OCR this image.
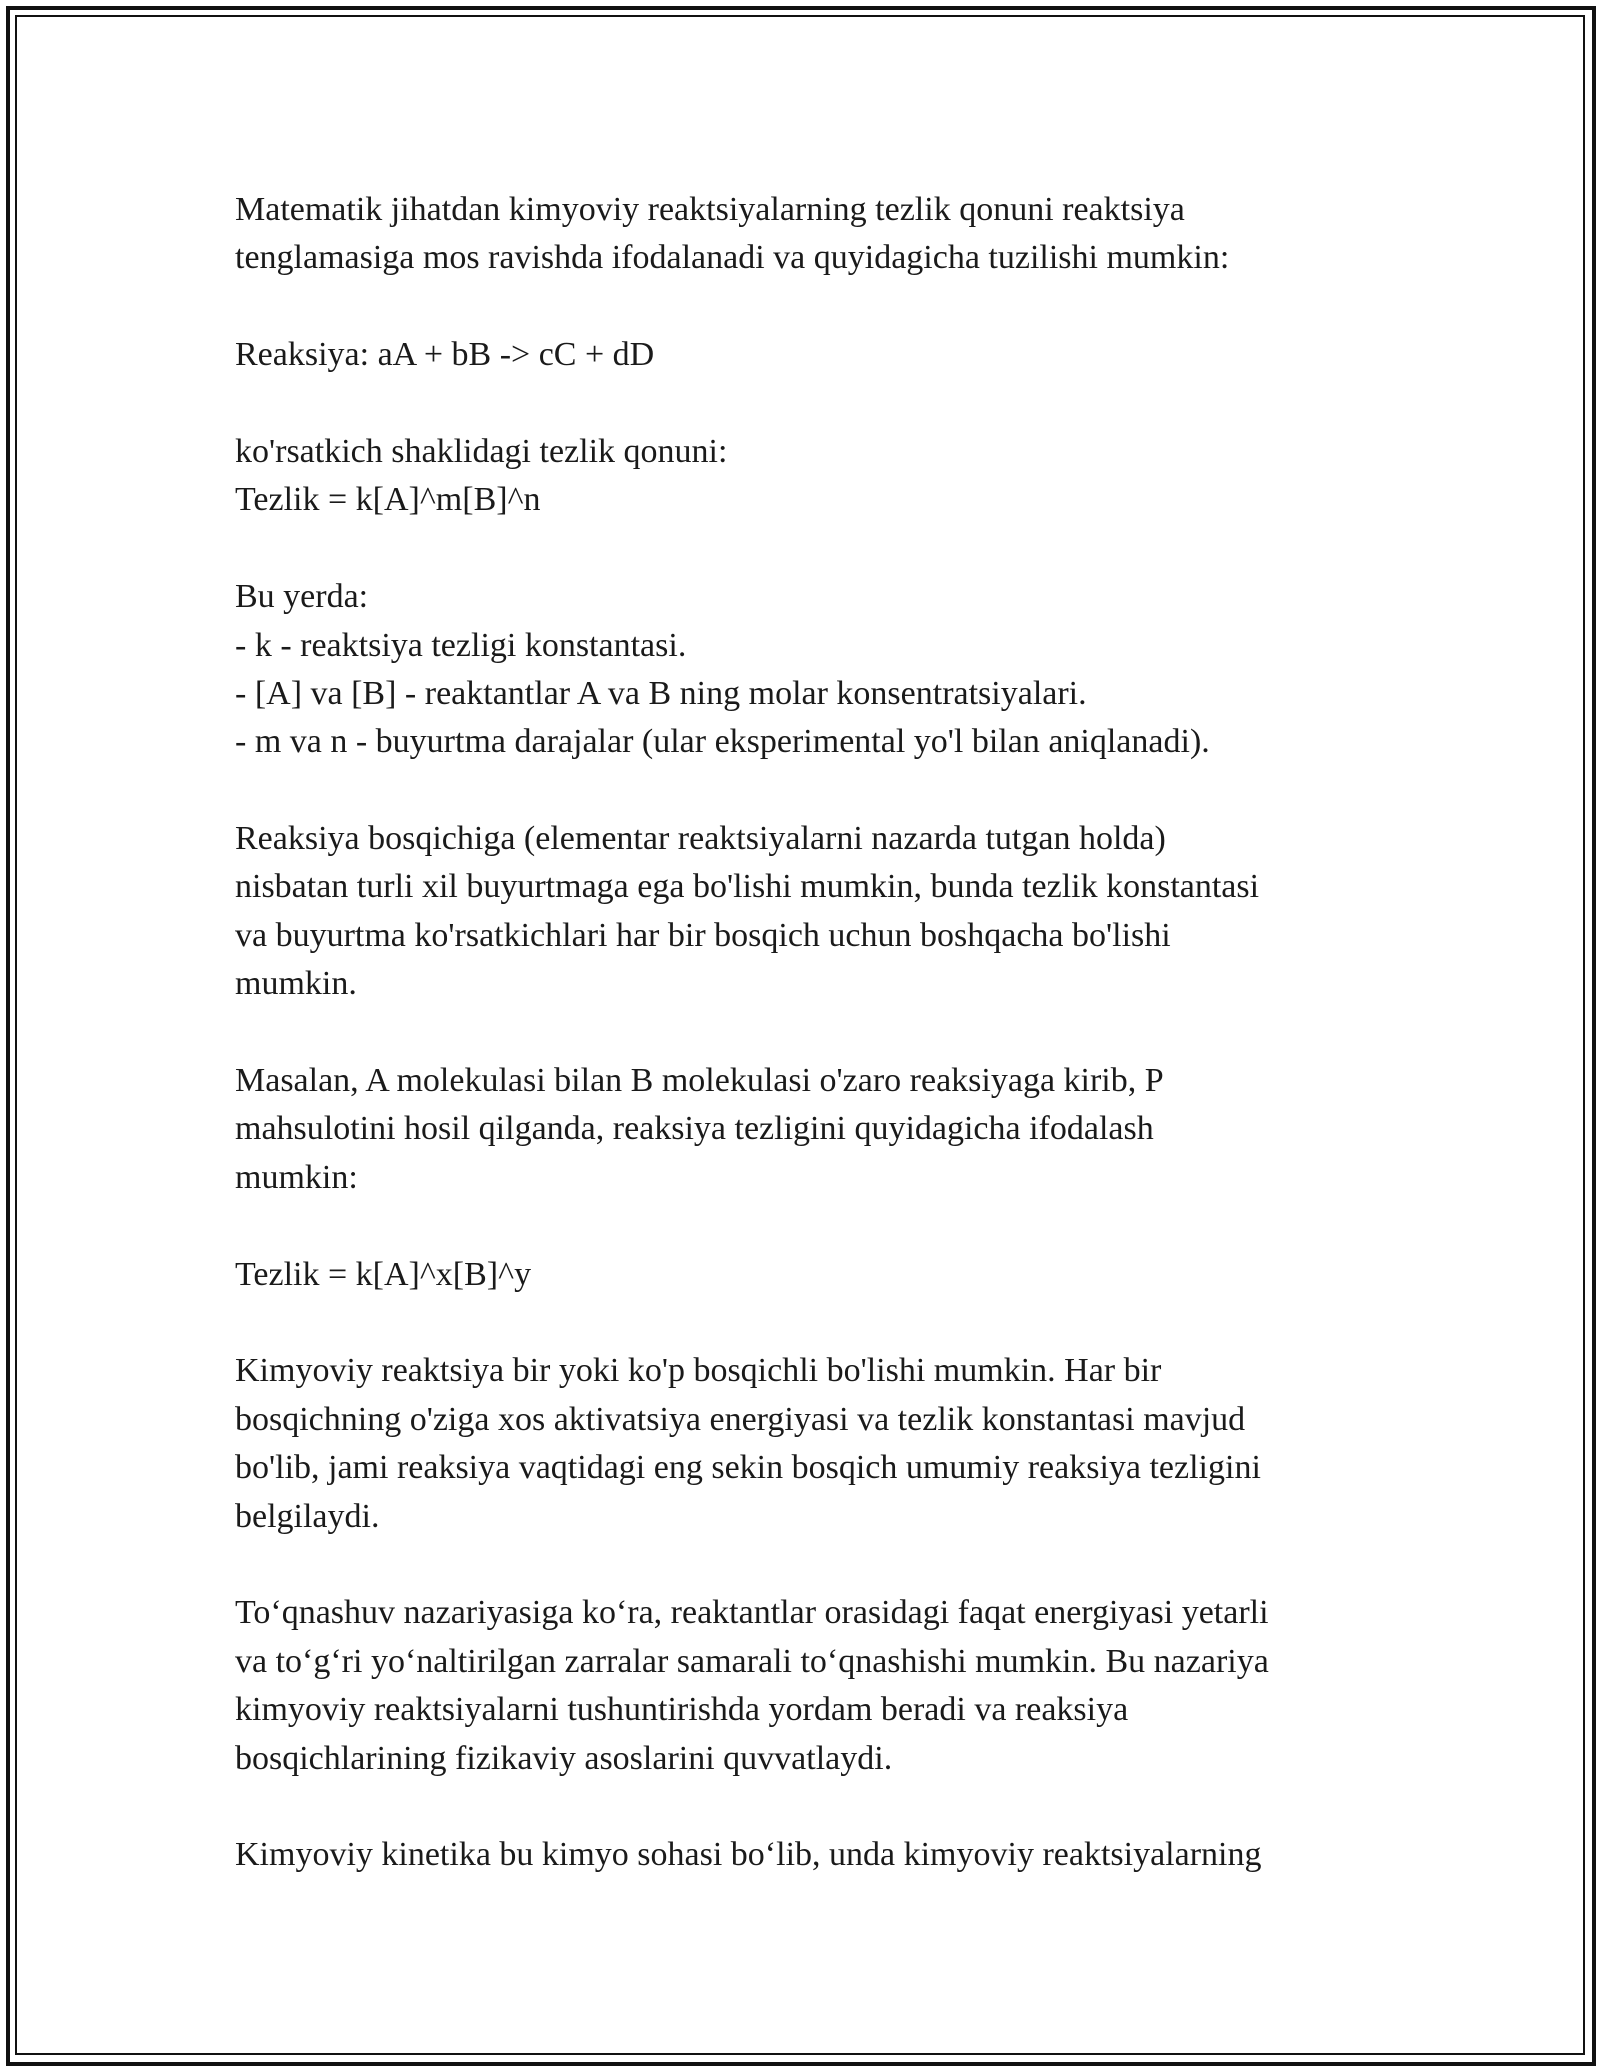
Matematik jihatdan kimyoviy reaktsiyalarning tezlik qonuni reaktsiya
tenglamasiga mos ravishda ifodalanadi va quyidagicha tuzilishi mumkin:
Reaksiya: aA + bB -> cC + dD
ko'rsatkich shaklidagi tezlik qonuni:
Tezlik = k[A]^m[B]^n
Bu yerda:
- k - reaktsiya tezligi konstantasi.
- [A] va [B] - reaktantlar A va B ning molar konsentratsiyalari.
- m va n - buyurtma darajalar (ular eksperimental yo'l bilan aniqlanadi).
Reaksiya bosqichiga (elementar reaktsiyalarni nazarda tutgan holda)
nisbatan turli xil buyurtmaga ega bo'lishi mumkin, bunda tezlik konstantasi
va buyurtma ko'rsatkichlari har bir bosqich uchun boshqacha bo'lishi
mumkin.
Masalan, A molekulasi bilan B molekulasi o'zaro reaksiyaga kirib, P
mahsulotini hosil qilganda, reaksiya tezligini quyidagicha ifodalash
mumkin:
Tezlik = k[A]^x[B]^y
Kimyoviy reaktsiya bir yoki ko'p bosqichli bo'lishi mumkin. Har bir
bosqichning o'ziga xos aktivatsiya energiyasi va tezlik konstantasi mavjud
bo'lib, jami reaksiya vaqtidagi eng sekin bosqich umumiy reaksiya tezligini
belgilaydi.
To‘qnashuv nazariyasiga ko‘ra, reaktantlar orasidagi faqat energiyasi yetarli
va to‘g‘ri yo‘naltirilgan zarralar samarali to‘qnashishi mumkin. Bu nazariya
kimyoviy reaktsiyalarni tushuntirishda yordam beradi va reaksiya
bosqichlarining fizikaviy asoslarini quvvatlaydi.
Kimyoviy kinetika bu kimyo sohasi bo‘lib, unda kimyoviy reaktsiyalarning
